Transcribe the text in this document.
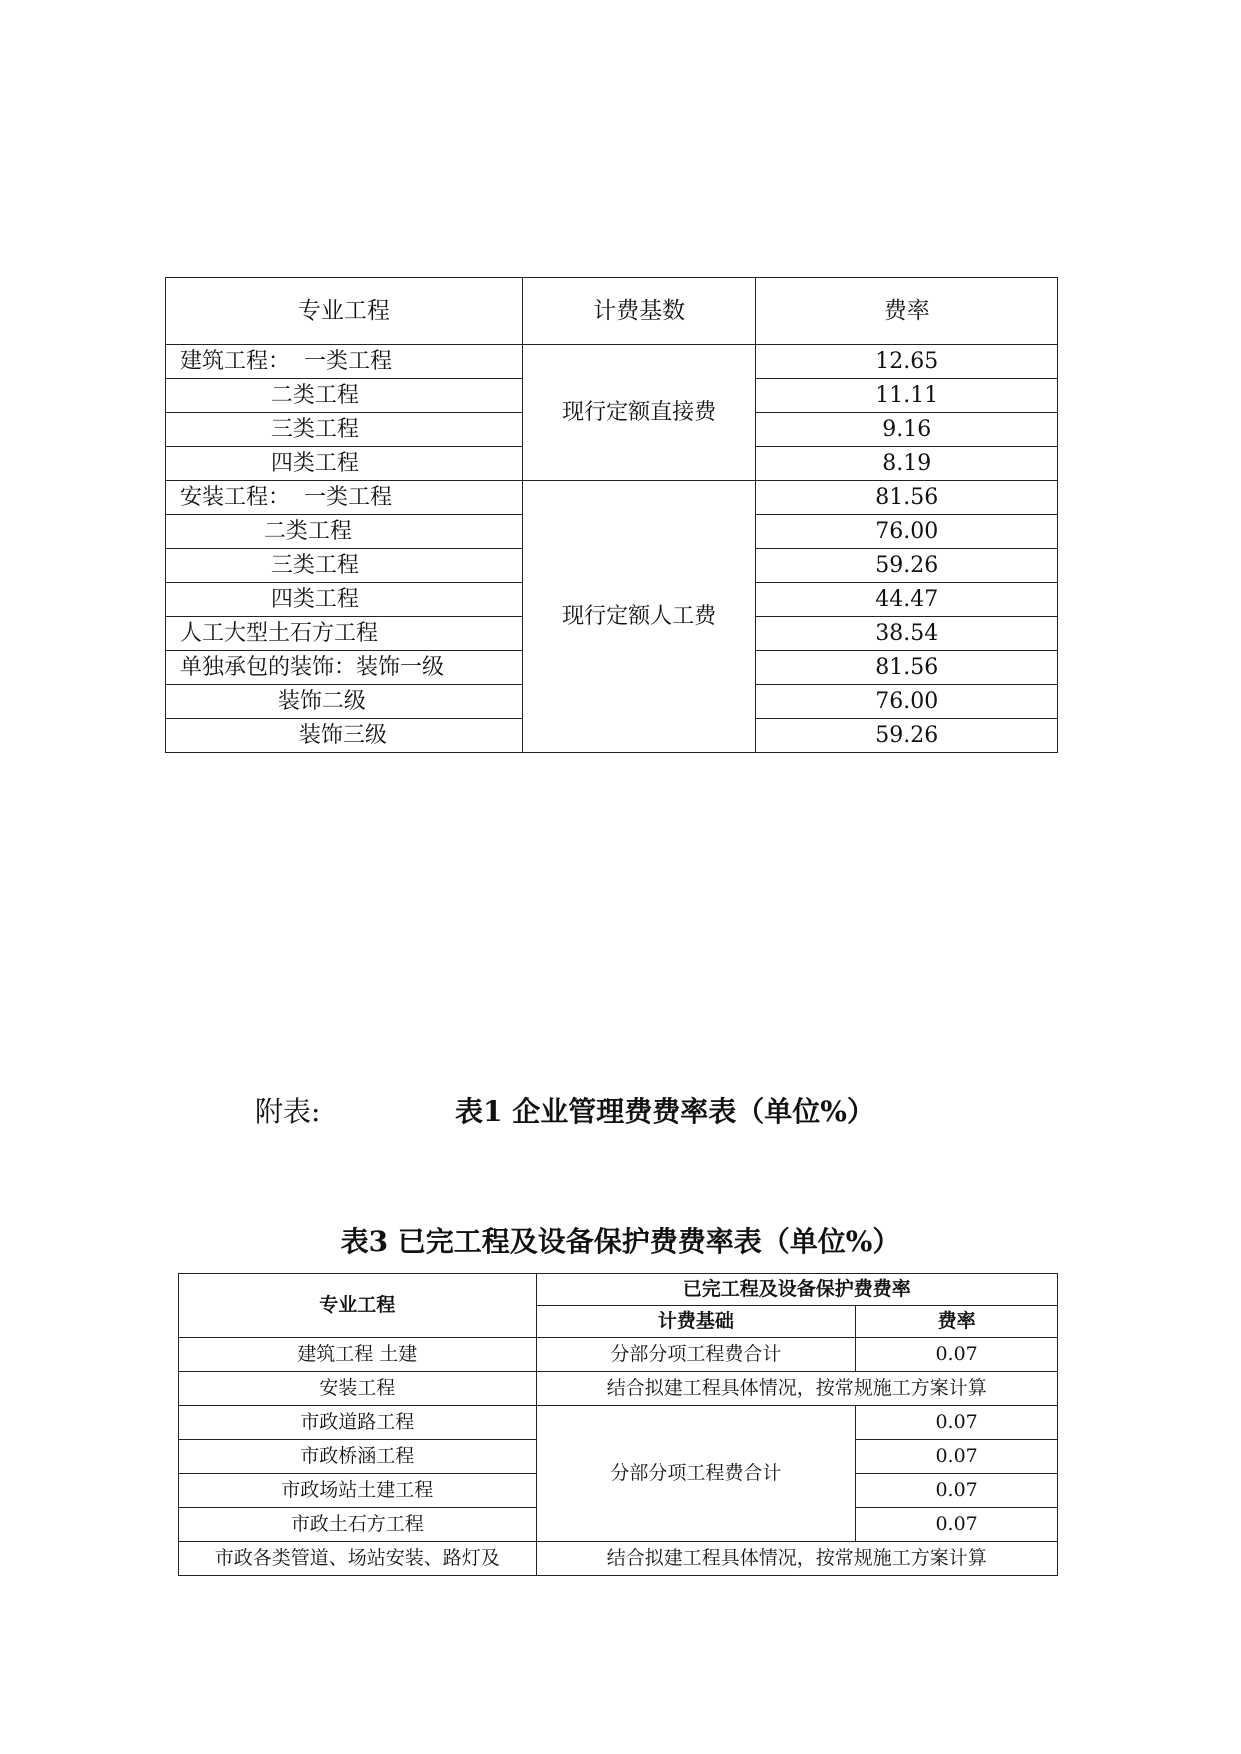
专业工程	计费基数	费率
建筑工程：  一类工程	现行定额直接费	12.65
二类工程		11.11
三类工程		9.16
四类工程		8.19
安装工程：  一类工程	现行定额人工费	81.56
二类工程		76.00
三类工程		59.26
四类工程		44.47
人工大型土石方工程		38.54
单独承包的装饰：装饰一级		81.56
装饰二级		76.00
装饰三级		59.26
附表:	表1 企业管理费费率表（单位%）
表3 已完工程及设备保护费费率表（单位%）
专业工程	已完工程及设备保护费费率	
	计费基础	费率
建筑工程 土建	分部分项工程费合计	0.07
安装工程	结合拟建工程具体情况，按常规施工方案计算	
市政道路工程	分部分项工程费合计	0.07
市政桥涵工程		0.07
市政场站土建工程		0.07
市政土石方工程		0.07
市政各类管道、场站安装、路灯及	结合拟建工程具体情况，按常规施工方案计算	
